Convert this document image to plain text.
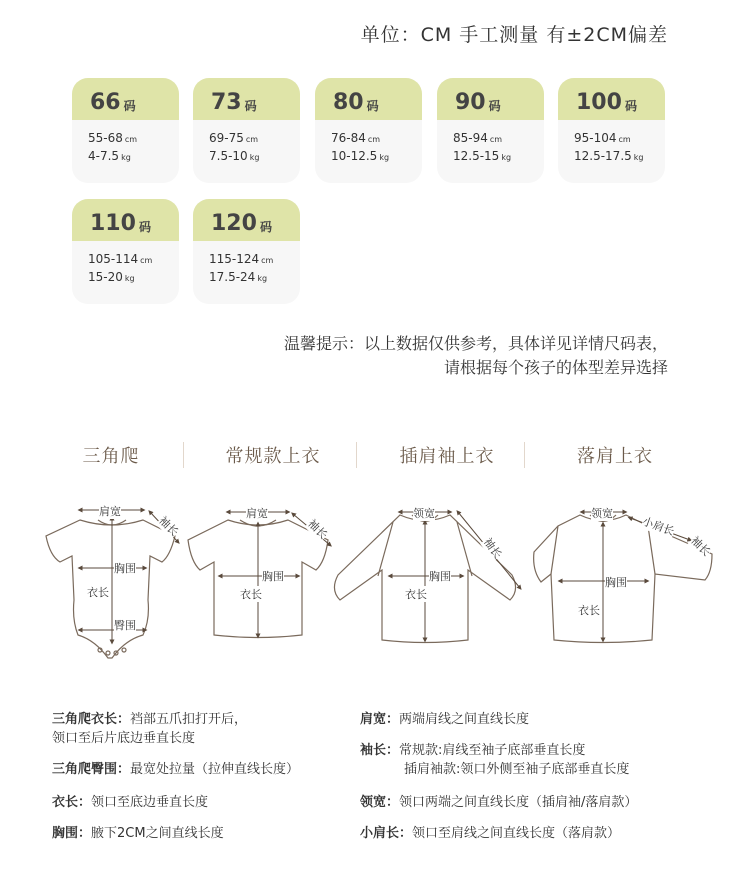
单位：CM 手工测量 有±2CM偏差
66 码
55-68 cm
4-7.5 kg
73 码
69-75 cm
7.5-10 kg
80 码
76-84 cm
10-12.5 kg
90 码
85-94 cm
12.5-15 kg
100 码
95-104 cm
12.5-17.5 kg
110 码
105-114 cm
15-20 kg
120 码
115-124 cm
17.5-24 kg
温馨提示：以上数据仅供参考，具体详见详情尺码表，
请根据每个孩子的体型差异选择
三角爬	常规款上衣	插肩袖上衣	落肩上衣
肩宽
袖长
胸围
衣长
臀围
肩宽
袖长
胸围
衣长
领宽
袖长
胸围
衣长
领宽
小肩长
袖长
胸围
衣长
三角爬衣长：裆部五爪扣打开后，
领口至后片底边垂直长度
三角爬臀围：最宽处拉量（拉伸直线长度）
衣长：领口至底边垂直长度
胸围：腋下2CM之间直线长度
肩宽：两端肩线之间直线长度
袖长：常规款:肩线至袖子底部垂直长度
插肩袖款:领口外侧至袖子底部垂直长度
领宽：领口两端之间直线长度（插肩袖/落肩款）
小肩长：领口至肩线之间直线长度（落肩款）
